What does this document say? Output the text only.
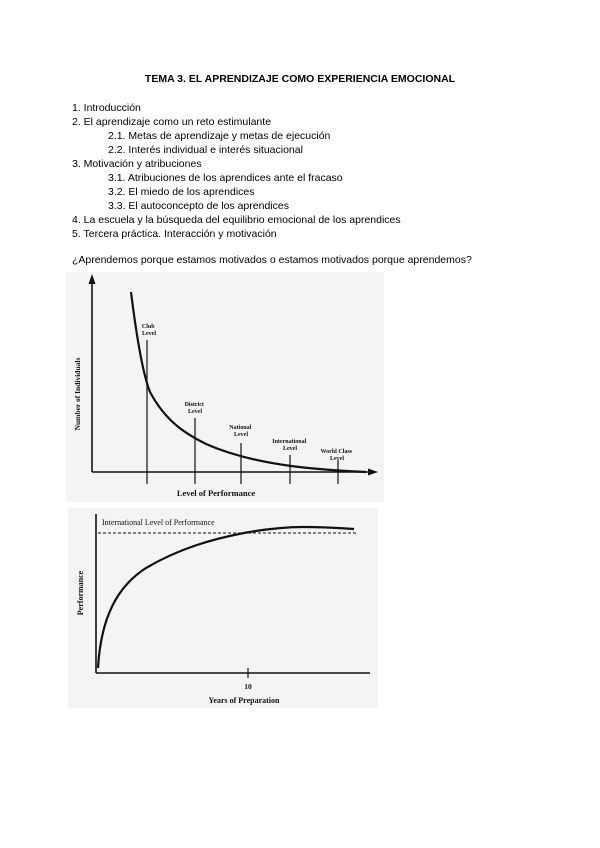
TEMA 3. EL APRENDIZAJE COMO EXPERIENCIA EMOCIONAL
1. Introducción
2. El aprendizaje como un reto estimulante
2.1. Metas de aprendizaje y metas de ejecución
2.2. Interés individual e interés situacional
3. Motivación y atribuciones
3.1. Atribuciones de los aprendices ante el fracaso
3.2. El miedo de los aprendices
3.3. El autoconcepto de los aprendices
4. La escuela y la búsqueda del equilibrio emocional de los aprendices
5. Tercera práctica. Interacción y motivación
¿Aprendemos porque estamos motivados o estamos motivados porque aprendemos?
Club Level
District Level
National Level
International Level	World Class Level
Level of Performance
Number of Individuals
International Level of Performance
10
Years of Preparation
Performance
